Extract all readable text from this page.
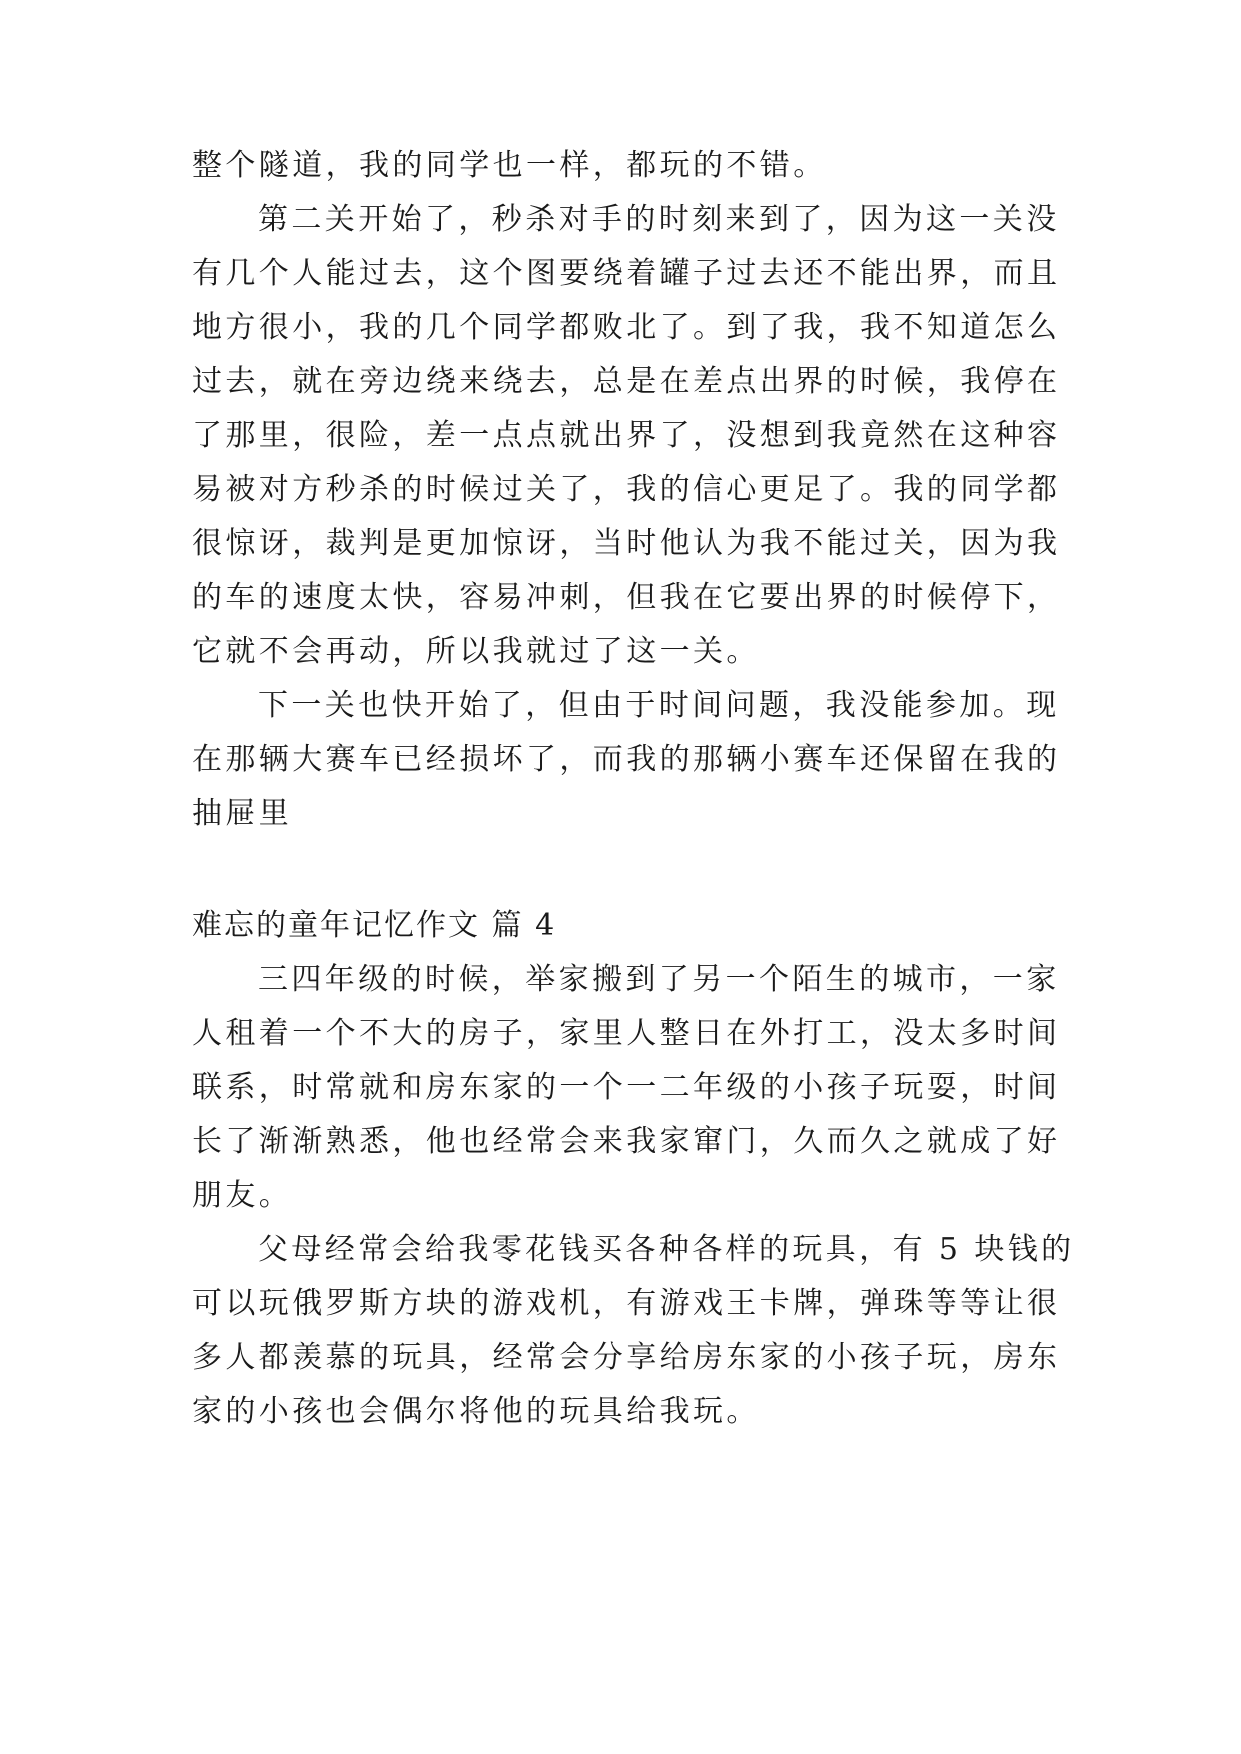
整个隧道，我的同学也一样，都玩的不错。

第二关开始了，秒杀对手的时刻来到了，因为这一关没

有几个人能过去，这个图要绕着罐子过去还不能出界，而且

地方很小，我的几个同学都败北了。到了我，我不知道怎么

过去，就在旁边绕来绕去，总是在差点出界的时候，我停在

了那里，很险，差一点点就出界了，没想到我竟然在这种容

易被对方秒杀的时候过关了，我的信心更足了。我的同学都

很惊讶，裁判是更加惊讶，当时他认为我不能过关，因为我

的车的速度太快，容易冲刺，但我在它要出界的时候停下，

它就不会再动，所以我就过了这一关。

下一关也快开始了，但由于时间问题，我没能参加。现

在那辆大赛车已经损坏了，而我的那辆小赛车还保留在我的

抽屉里

难忘的童年记忆作文 篇 4

三四年级的时候，举家搬到了另一个陌生的城市，一家

人租着一个不大的房子，家里人整日在外打工，没太多时间

联系，时常就和房东家的一个一二年级的小孩子玩耍，时间

长了渐渐熟悉，他也经常会来我家窜门，久而久之就成了好

朋友。

父母经常会给我零花钱买各种各样的玩具，有 5 块钱的

可以玩俄罗斯方块的游戏机，有游戏王卡牌，弹珠等等让很

多人都羡慕的玩具，经常会分享给房东家的小孩子玩，房东

家的小孩也会偶尔将他的玩具给我玩。
